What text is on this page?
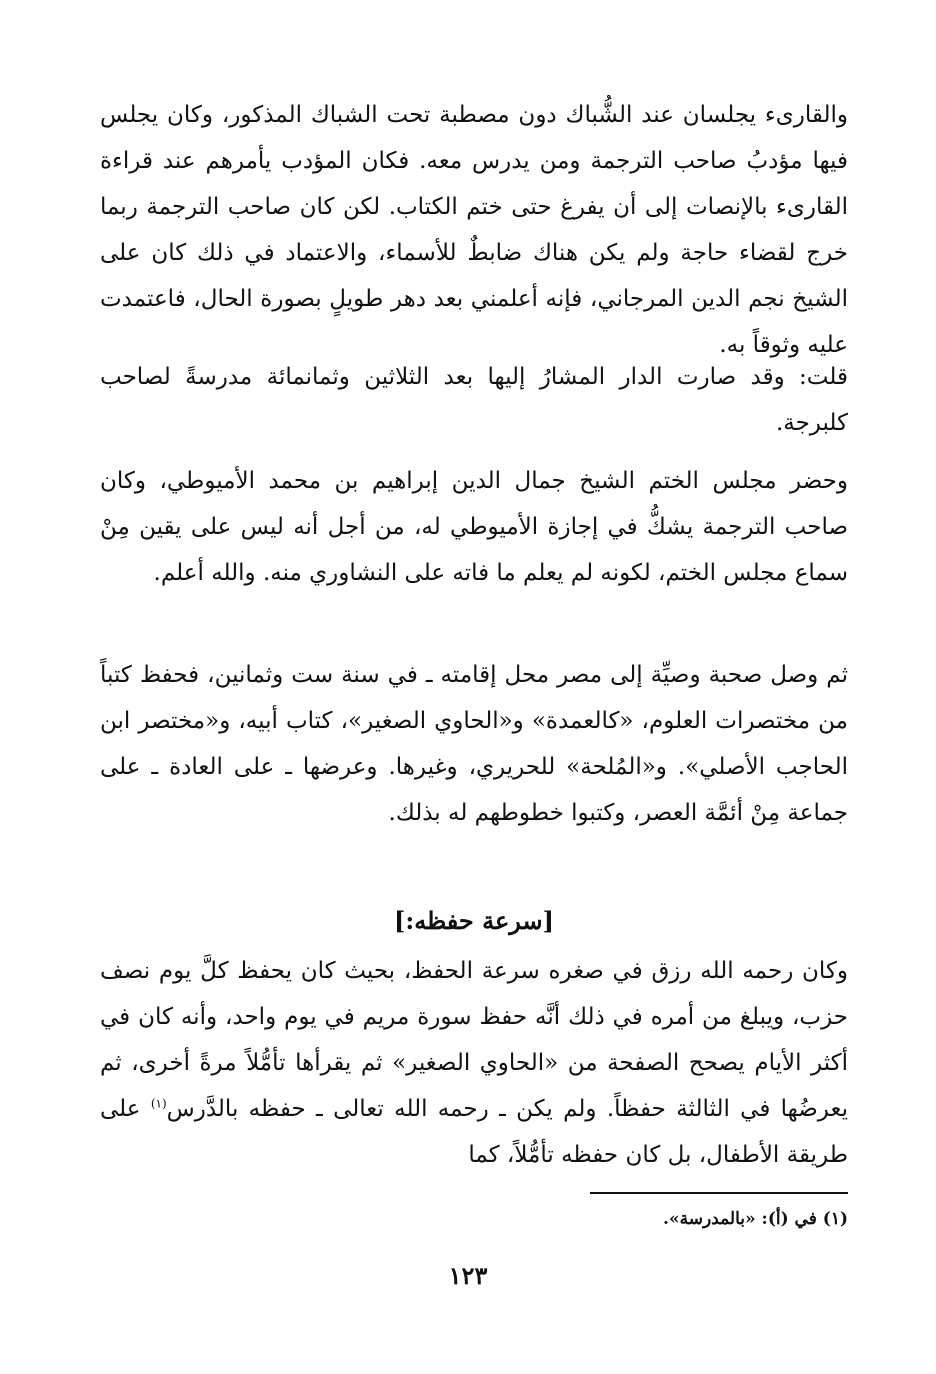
والقارىء يجلسان عند الشُّباك دون مصطبة تحت الشباك المذكور، وكان يجلس فيها مؤدبُ صاحب الترجمة ومن يدرس معه. فكان المؤدب يأمرهم عند قراءة القارىء بالإنصات إلى أن يفرغ حتى ختم الكتاب. لكن كان صاحب الترجمة ربما خرج لقضاء حاجة ولم يكن هناك ضابطٌ للأسماء، والاعتماد في ذلك كان على الشيخ نجم الدين المرجاني، فإنه أعلمني بعد دهر طويلٍ بصورة الحال، فاعتمدت عليه وثوقاً به.

قلت: وقد صارت الدار المشارُ إليها بعد الثلاثين وثمانمائة مدرسةً لصاحب كلبرجة.

وحضر مجلس الختم الشيخ جمال الدين إبراهيم بن محمد الأميوطي، وكان صاحب الترجمة يشكُّ في إجازة الأميوطي له، من أجل أنه ليس على يقين مِنْ سماع مجلس الختم، لكونه لم يعلم ما فاته على النشاوري منه. والله أعلم.

ثم وصل صحبة وصيِّة إلى مصر محل إقامته ـ في سنة ست وثمانين، فحفظ كتباً من مختصرات العلوم، «كالعمدة» و«الحاوي الصغير»، كتاب أبيه، و«مختصر ابن الحاجب الأصلي». و«المُلحة» للحريري، وغيرها. وعرضها ـ على العادة ـ على جماعة مِنْ أئمَّة العصر، وكتبوا خطوطهم له بذلك.

[سرعة حفظه:]

وكان رحمه الله رزق في صغره سرعة الحفظ، بحيث كان يحفظ كلَّ يوم نصف حزب، ويبلغ من أمره في ذلك أنَّه حفظ سورة مريم في يوم واحد، وأنه كان في أكثر الأيام يصحح الصفحة من «الحاوي الصغير» ثم يقرأها تأمُّلاً مرةً أخرى، ثم يعرضُها في الثالثة حفظاً. ولم يكن ـ رحمه الله تعالى ـ حفظه بالدَّرس$^{(١)}$ على طريقة الأطفال، بل كان حفظه تأمُّلاً، كما

(١) في (أ): «بالمدرسة».
١٢٣
